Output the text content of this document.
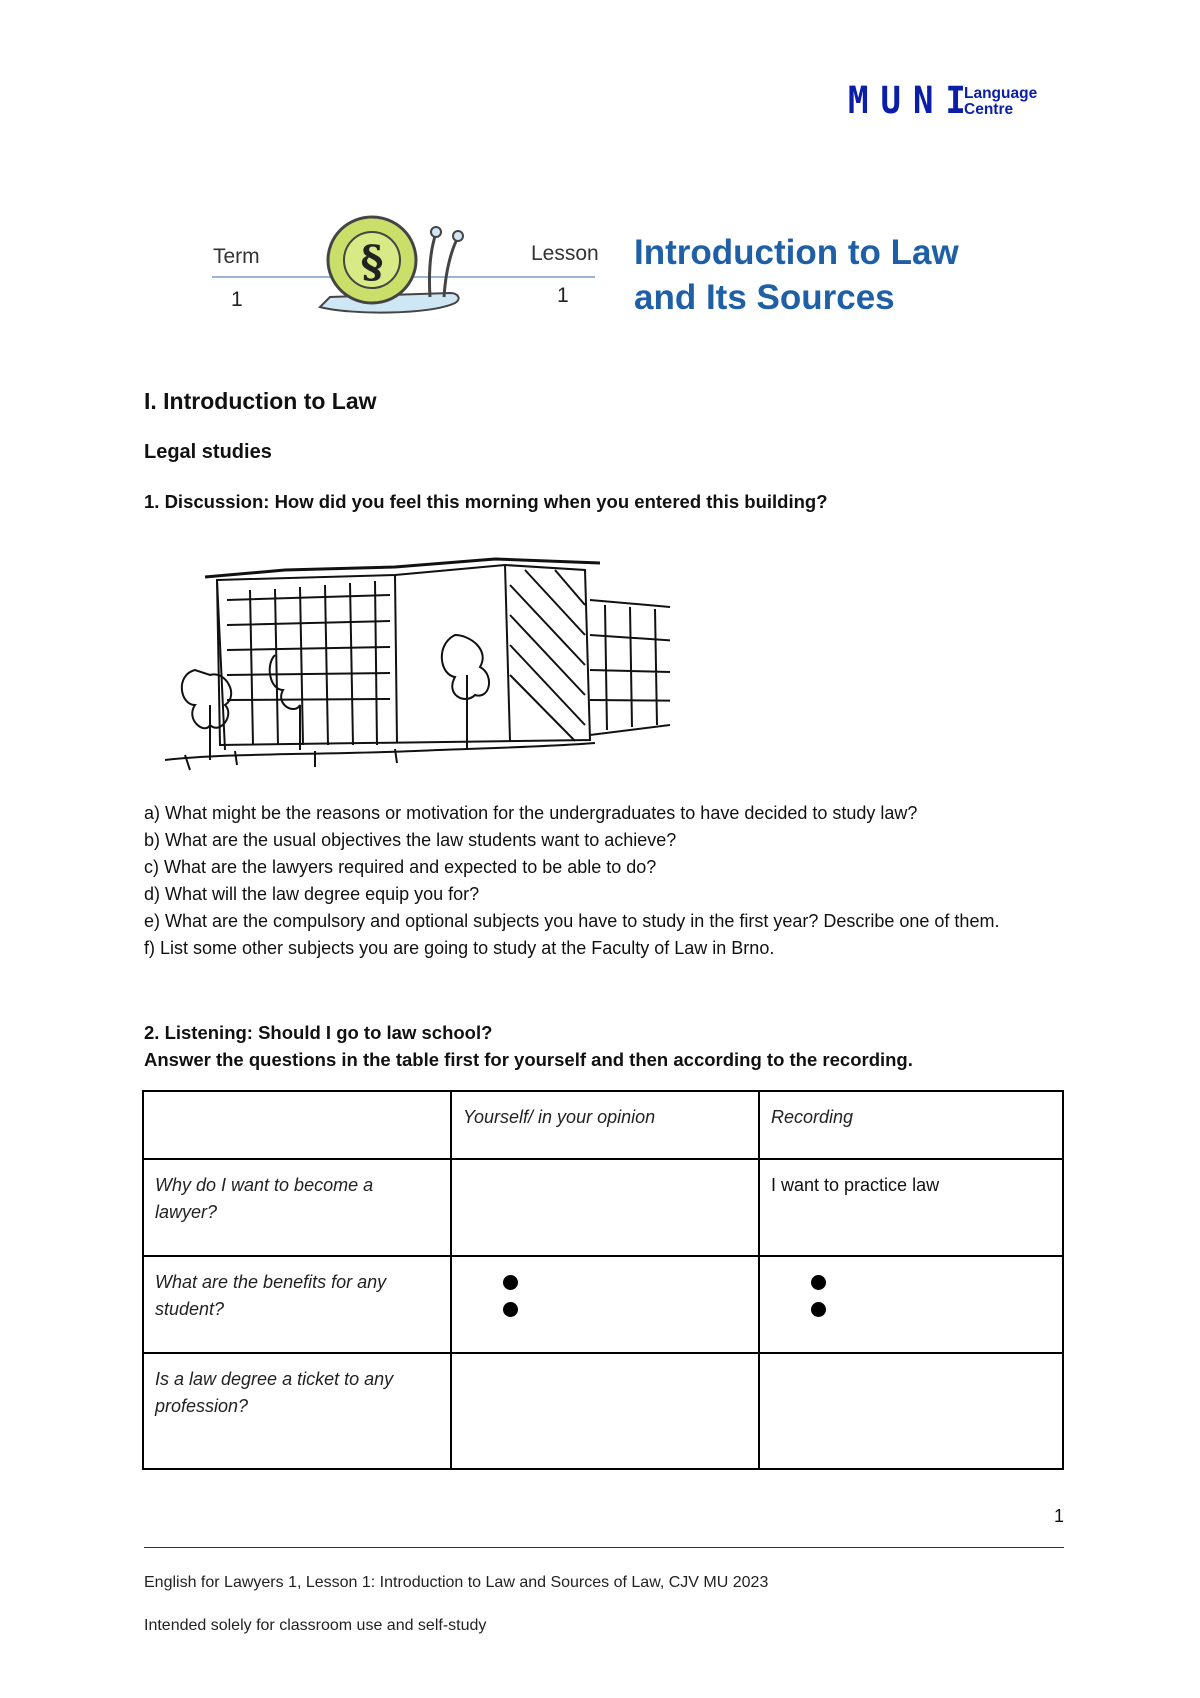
MUNI
Language
Centre
Term
1
Lesson
1
§	Introduction to Law
and Its Sources
I. Introduction to Law
Legal studies
1. Discussion: How did you feel this morning when you entered this building?
a) What might be the reasons or motivation for the undergraduates to have decided to study law?
b) What are the usual objectives the law students want to achieve?
c) What are the lawyers required and expected to be able to do?
d) What will the law degree equip you for?
e) What are the compulsory and optional subjects you have to study in the first year? Describe one of them.
f) List some other subjects you are going to study at the Faculty of Law in Brno.
2. Listening: Should I go to law school?
Answer the questions in the table first for yourself and then according to the recording.
	Yourself/ in your opinion	Recording
Why do I want to become a lawyer?		I want to practice law
What are the benefits for any student?	

Is a law degree a ticket to any profession?		
1
English for Lawyers 1, Lesson 1: Introduction to Law and Sources of Law, CJV MU 2023
Intended solely for classroom use and self-study
